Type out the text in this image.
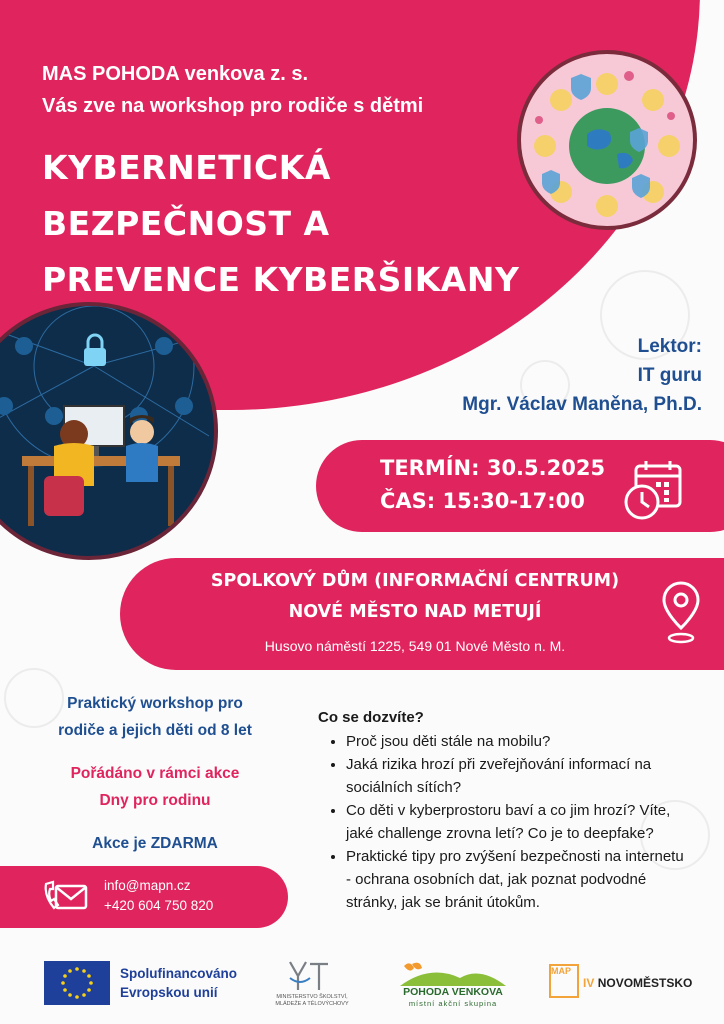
MAS POHODA venkova z. s.
Vás zve na workshop pro rodiče s dětmi
KYBERNETICKÁ
BEZPEČNOST A
PREVENCE KYBERŠIKANY
Lektor:
IT guru
Mgr. Václav Maněna, Ph.D.
TERMÍN: 30.5.2025
ČAS: 15:30-17:00
SPOLKOVÝ DŮM (INFORMAČNÍ CENTRUM)
NOVÉ MĚSTO NAD METUJÍ
Husovo náměstí 1225, 549 01 Nové Město n. M.
Praktický workshop pro
rodiče a jejich děti od 8 let
Pořádáno v rámci akce
Dny pro rodinu
Akce je ZDARMA
info@mapn.cz
+420 604 750 820
Co se dozvíte?
• Proč jsou děti stále na mobilu?
• Jaká rizika hrozí při zveřejňování informací na sociálních sítích?
• Co děti v kyberprostoru baví a co jim hrozí? Víte, jaké challenge zrovna letí? Co je to deepfake?
• Praktické tipy pro zvýšení bezpečnosti na internetu - ochrana osobních dat, jak poznat podvodné stránky, jak se bránit útokům.
Spolufinancováno
Evropskou unií	MINISTERSTVO ŠKOLSTVÍ,
MLÁDEŽE A TĚLOVÝCHOVY
POHODA VENKOVA
místní akční skupina
MAP
IV NOVOMĚSTSKO
